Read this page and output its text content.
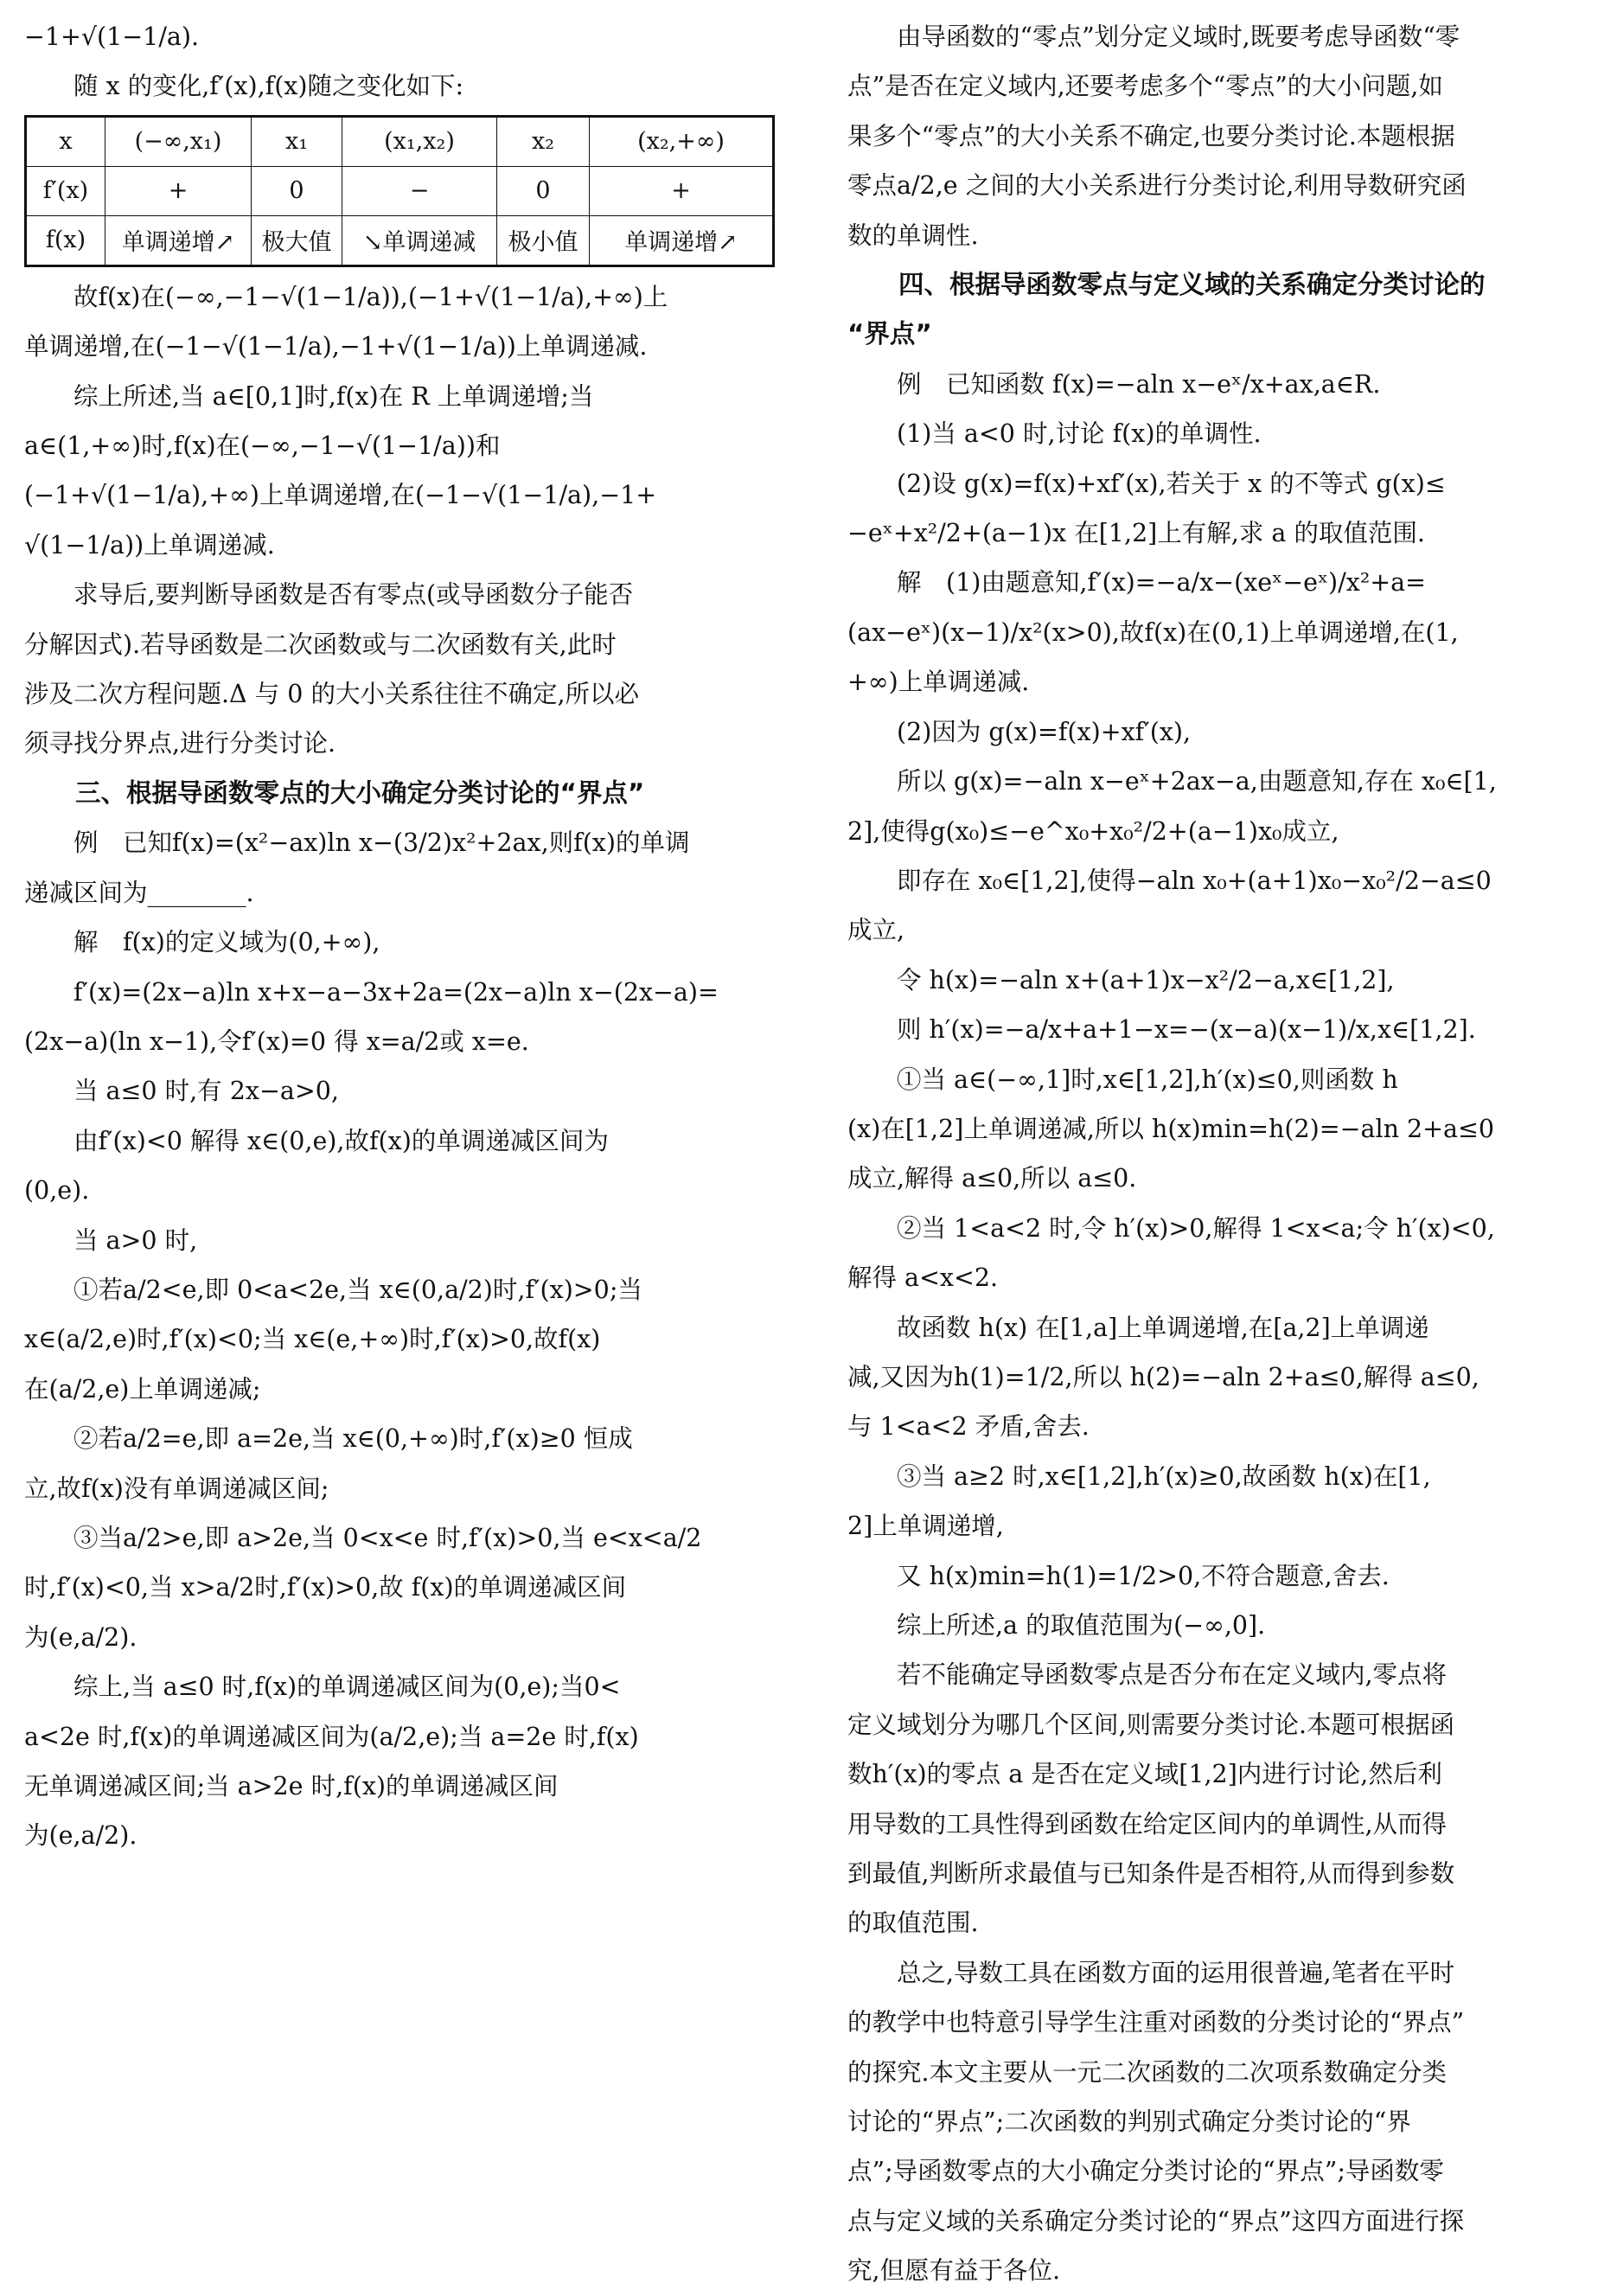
−1+√(1−1/a).
随 x 的变化,f′(x),f(x)随之变化如下:
x	(−∞,x₁)	x₁	(x₁,x₂)	x₂	(x₂,+∞)
f′(x)	+	0	−	0	+
f(x)	单调递增↗	极大值	↘单调递减	极小值	单调递增↗
故f(x)在(−∞,−1−√(1−1/a)),(−1+√(1−1/a),+∞)上
单调递增,在(−1−√(1−1/a),−1+√(1−1/a))上单调递减.
综上所述,当 a∈[0,1]时,f(x)在 R 上单调递增;当
a∈(1,+∞)时,f(x)在(−∞,−1−√(1−1/a))和
(−1+√(1−1/a),+∞)上单调递增,在(−1−√(1−1/a),−1+
√(1−1/a))上单调递减.
求导后,要判断导函数是否有零点(或导函数分子能否
分解因式).若导函数是二次函数或与二次函数有关,此时
涉及二次方程问题.Δ 与 0 的大小关系往往不确定,所以必
须寻找分界点,进行分类讨论.
三、根据导函数零点的大小确定分类讨论的“界点”
例　已知f(x)=(x²−ax)ln x−(3/2)x²+2ax,则f(x)的单调
递减区间为________.
解　f(x)的定义域为(0,+∞),
f′(x)=(2x−a)ln x+x−a−3x+2a=(2x−a)ln x−(2x−a)=
(2x−a)(ln x−1),令f′(x)=0 得 x=a/2或 x=e.
当 a≤0 时,有 2x−a>0,
由f′(x)<0 解得 x∈(0,e),故f(x)的单调递减区间为
(0,e).
当 a>0 时,
①若a/2<e,即 0<a<2e,当 x∈(0,a/2)时,f′(x)>0;当
x∈(a/2,e)时,f′(x)<0;当 x∈(e,+∞)时,f′(x)>0,故f(x)
在(a/2,e)上单调递减;
②若a/2=e,即 a=2e,当 x∈(0,+∞)时,f′(x)≥0 恒成
立,故f(x)没有单调递减区间;
③当a/2>e,即 a>2e,当 0<x<e 时,f′(x)>0,当 e<x<a/2
时,f′(x)<0,当 x>a/2时,f′(x)>0,故 f(x)的单调递减区间
为(e,a/2).
综上,当 a≤0 时,f(x)的单调递减区间为(0,e);当0<
a<2e 时,f(x)的单调递减区间为(a/2,e);当 a=2e 时,f(x)
无单调递减区间;当 a>2e 时,f(x)的单调递减区间
为(e,a/2).
由导函数的“零点”划分定义域时,既要考虑导函数“零
点”是否在定义域内,还要考虑多个“零点”的大小问题,如
果多个“零点”的大小关系不确定,也要分类讨论.本题根据
零点a/2,e 之间的大小关系进行分类讨论,利用导数研究函
数的单调性.
四、根据导函数零点与定义域的关系确定分类讨论的
“界点”
例　已知函数 f(x)=−aln x−eˣ/x+ax,a∈R.
(1)当 a<0 时,讨论 f(x)的单调性.
(2)设 g(x)=f(x)+xf′(x),若关于 x 的不等式 g(x)≤
−eˣ+x²/2+(a−1)x 在[1,2]上有解,求 a 的取值范围.
解　(1)由题意知,f′(x)=−a/x−(xeˣ−eˣ)/x²+a=
(ax−eˣ)(x−1)/x²(x>0),故f(x)在(0,1)上单调递增,在(1,
+∞)上单调递减.
(2)因为 g(x)=f(x)+xf′(x),
所以 g(x)=−aln x−eˣ+2ax−a,由题意知,存在 x₀∈[1,
2],使得g(x₀)≤−e^x₀+x₀²/2+(a−1)x₀成立,
即存在 x₀∈[1,2],使得−aln x₀+(a+1)x₀−x₀²/2−a≤0
成立,
令 h(x)=−aln x+(a+1)x−x²/2−a,x∈[1,2],
则 h′(x)=−a/x+a+1−x=−(x−a)(x−1)/x,x∈[1,2].
①当 a∈(−∞,1]时,x∈[1,2],h′(x)≤0,则函数 h
(x)在[1,2]上单调递减,所以 h(x)min=h(2)=−aln 2+a≤0
成立,解得 a≤0,所以 a≤0.
②当 1<a<2 时,令 h′(x)>0,解得 1<x<a;令 h′(x)<0,
解得 a<x<2.
故函数 h(x) 在[1,a]上单调递增,在[a,2]上单调递
减,又因为h(1)=1/2,所以 h(2)=−aln 2+a≤0,解得 a≤0,
与 1<a<2 矛盾,舍去.
③当 a≥2 时,x∈[1,2],h′(x)≥0,故函数 h(x)在[1,
2]上单调递增,
又 h(x)min=h(1)=1/2>0,不符合题意,舍去.
综上所述,a 的取值范围为(−∞,0].
若不能确定导函数零点是否分布在定义域内,零点将
定义域划分为哪几个区间,则需要分类讨论.本题可根据函
数h′(x)的零点 a 是否在定义域[1,2]内进行讨论,然后利
用导数的工具性得到函数在给定区间内的单调性,从而得
到最值,判断所求最值与已知条件是否相符,从而得到参数
的取值范围.
总之,导数工具在函数方面的运用很普遍,笔者在平时
的教学中也特意引导学生注重对函数的分类讨论的“界点”
的探究.本文主要从一元二次函数的二次项系数确定分类
讨论的“界点”;二次函数的判别式确定分类讨论的“界
点”;导函数零点的大小确定分类讨论的“界点”;导函数零
点与定义域的关系确定分类讨论的“界点”这四方面进行探
究,但愿有益于各位.
